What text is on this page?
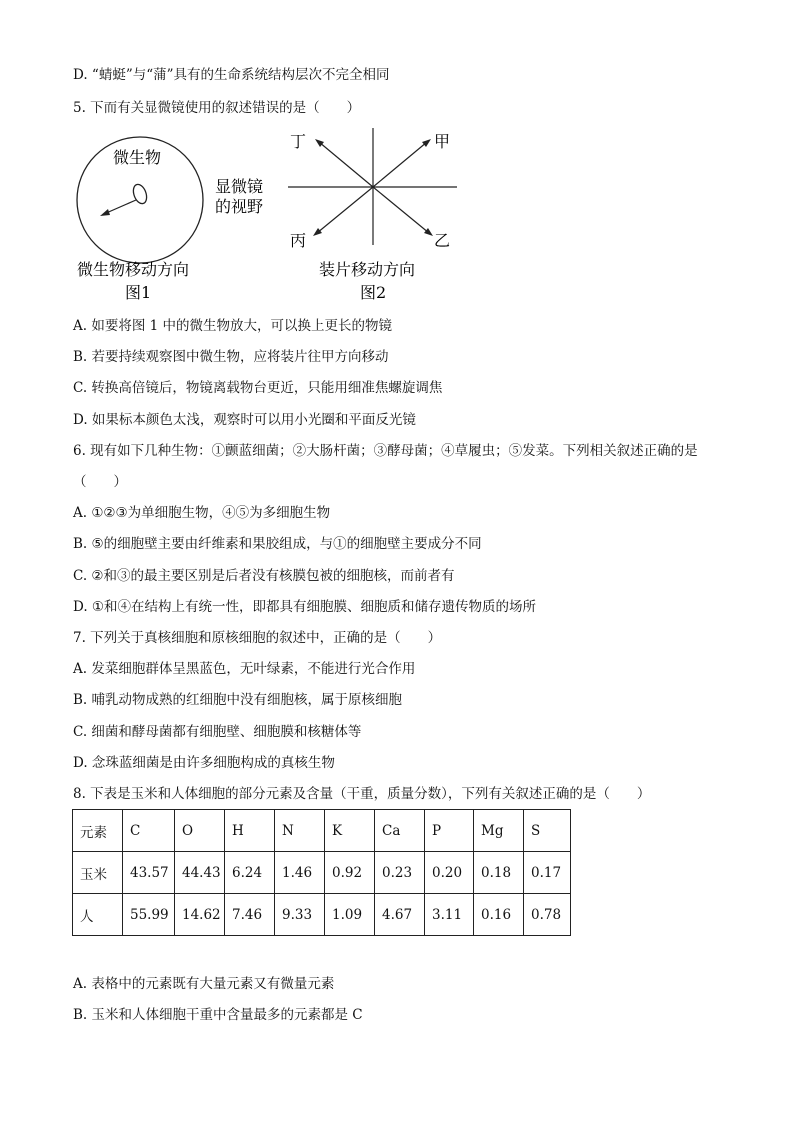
D. “蜻蜓”与“蒲”具有的生命系统结构层次不完全相同
5. 下而有关显微镜使用的叙述错误的是（　　）
微生物
显微镜
的视野
微生物移动方向
图1
丁	甲
丙	乙
装片移动方向
图2
A. 如要将图 1 中的微生物放大，可以换上更长的物镜
B. 若要持续观察图中微生物，应将装片往甲方向移动
C. 转换高倍镜后，物镜离载物台更近，只能用细准焦螺旋调焦
D. 如果标本颜色太浅，观察时可以用小光圈和平面反光镜
6. 现有如下几种生物：①颤蓝细菌；②大肠杆菌；③酵母菌；④草履虫；⑤发菜。下列相关叙述正确的是
（　　）
A. ①②③为单细胞生物，④⑤为多细胞生物
B. ⑤的细胞壁主要由纤维素和果胶组成，与①的细胞壁主要成分不同
C. ②和③的最主要区别是后者没有核膜包被的细胞核，而前者有
D. ①和④在结构上有统一性，即都具有细胞膜、细胞质和储存遗传物质的场所
7. 下列关于真核细胞和原核细胞的叙述中，正确的是（　　）
A. 发菜细胞群体呈黑蓝色，无叶绿素，不能进行光合作用
B. 哺乳动物成熟的红细胞中没有细胞核，属于原核细胞
C. 细菌和酵母菌都有细胞壁、细胞膜和核糖体等
D. 念珠蓝细菌是由许多细胞构成的真核生物
8. 下表是玉米和人体细胞的部分元素及含量（干重，质量分数），下列有关叙述正确的是（　　）
元素	C	O	H	N	K	Ca	P	Mg	S
玉米	43.57	44.43	6.24	1.46	0.92	0.23	0.20	0.18	0.17
人	55.99	14.62	7.46	9.33	1.09	4.67	3.11	0.16	0.78
A. 表格中的元素既有大量元素又有微量元素
B. 玉米和人体细胞干重中含量最多的元素都是 C
